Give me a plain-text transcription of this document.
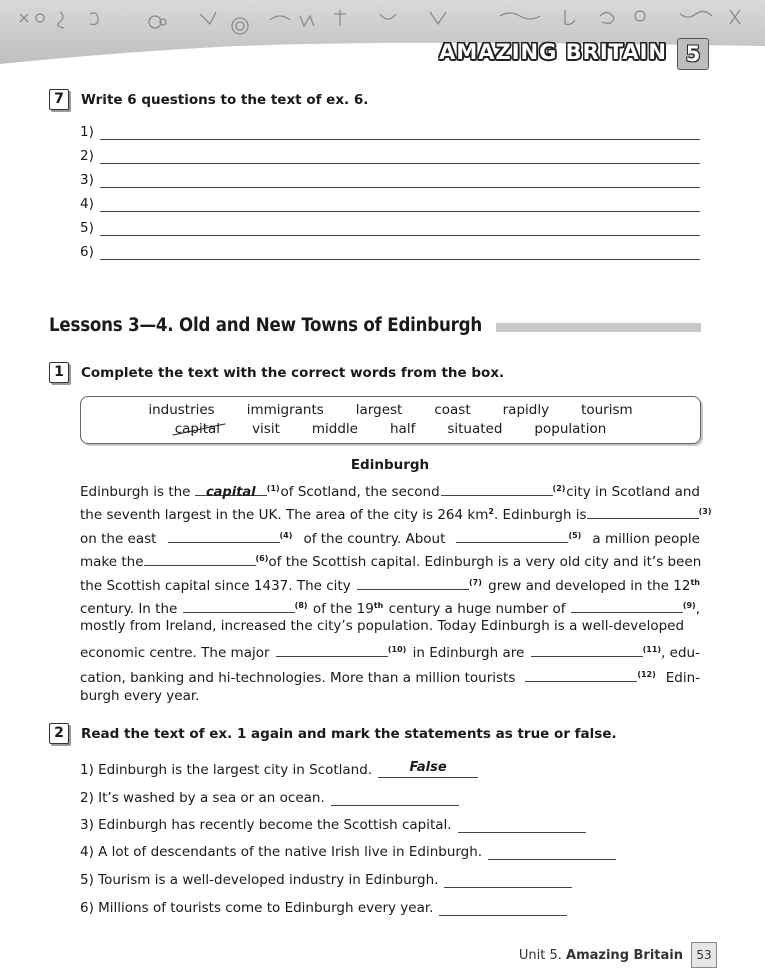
AMAZING BRITAIN 5
7	Write 6 questions to the text of ex. 6.
1)
2)
3)
4)
5)
6)
Lessons 3—4. Old and New Towns of Edinburgh
1	Complete the text with the correct words from the box.
industries immigrants largest coast rapidly tourism
capital visit middle half situated population
Edinburgh
Edinburgh is the capital $^{(1)}$ of Scotland, the second	$^{(2)}$ city in Scotland and
the seventh largest in the UK. The area of the city is 264 $km^2$. Edinburgh is	$^{(3)}$
on the east	$^{(4)}$ of the country. About	$^{(5)}$ a million people
make the	$^{(6)}$ of the Scottish capital. Edinburgh is a very old city and it’s been
the Scottish capital since 1437. The city	$^{(7)}$ grew and developed in the 12th
century. In the	$^{(8)}$ of the 19th century a huge number of	$^{(9)}$,
mostly from Ireland, increased the city’s population. Today Edinburgh is a well-developed
economic centre. The major	$^{(10)}$ in Edinburgh are	$^{(11)}$, edu-
cation, banking and hi-technologies. More than a million tourists	$^{(12)}$ Edin-
burgh every year.
2	Read the text of ex. 1 again and mark the statements as true or false.
1) Edinburgh is the largest city in Scotland.	False
2) It’s washed by a sea or an ocean.
3) Edinburgh has recently become the Scottish capital.
4) A lot of descendants of the native Irish live in Edinburgh.
5) Tourism is a well-developed industry in Edinburgh.
6) Millions of tourists come to Edinburgh every year.
Unit 5.
Amazing Britain	53
